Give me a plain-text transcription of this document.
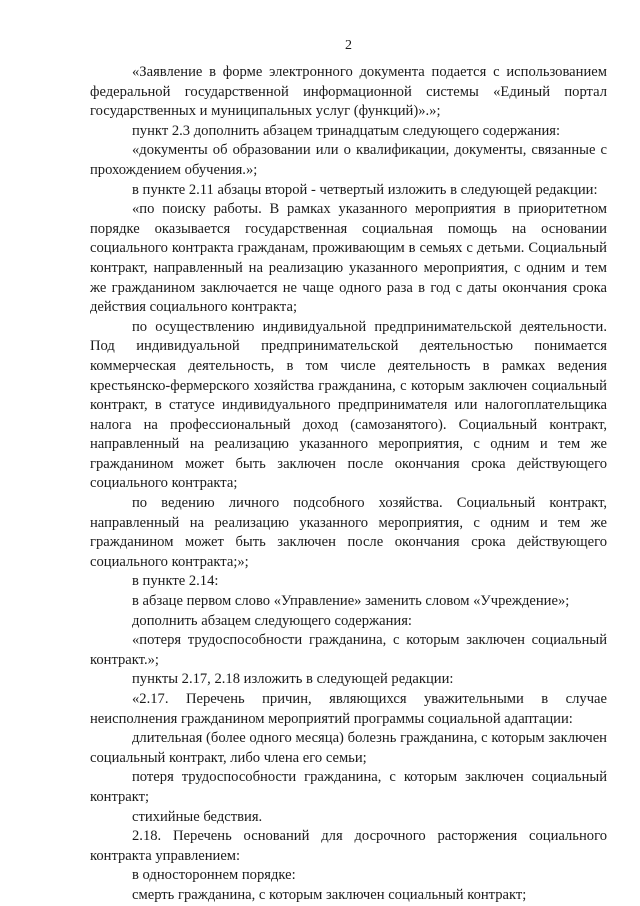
2

«Заявление в форме электронного документа подается с использованием федеральной государственной информационной системы «Единый портал государственных и муниципальных услуг (функций)».»;

пункт 2.3 дополнить абзацем тринадцатым следующего содержания:

«документы об образовании или о квалификации, документы, связанные с прохождением обучения.»;

в пункте 2.11 абзацы второй - четвертый изложить в следующей редакции:

«по поиску работы. В рамках указанного мероприятия в приоритетном порядке оказывается государственная социальная помощь на основании социального контракта гражданам, проживающим в семьях с детьми. Социальный контракт, направленный на реализацию указанного мероприятия, с одним и тем же гражданином заключается не чаще одного раза в год с даты окончания срока действия социального контракта;

по осуществлению индивидуальной предпринимательской деятельности. Под индивидуальной предпринимательской деятельностью понимается коммерческая деятельность, в том числе деятельность в рамках ведения крестьянско-фермерского хозяйства гражданина, с которым заключен социальный контракт, в статусе индивидуального предпринимателя или налогоплательщика налога на профессиональный доход (самозанятого). Социальный контракт, направленный на реализацию указанного мероприятия, с одним и тем же гражданином может быть заключен после окончания срока действующего социального контракта;

по ведению личного подсобного хозяйства. Социальный контракт, направленный на реализацию указанного мероприятия, с одним и тем же гражданином может быть заключен после окончания срока действующего социального контракта;»;

в пункте 2.14:

в абзаце первом слово «Управление» заменить словом «Учреждение»;

дополнить абзацем следующего содержания:

«потеря трудоспособности гражданина, с которым заключен социальный контракт.»;

пункты 2.17, 2.18 изложить в следующей редакции:

«2.17. Перечень причин, являющихся уважительными в случае неисполнения гражданином мероприятий программы социальной адаптации:

длительная (более одного месяца) болезнь гражданина, с которым заключен социальный контракт, либо члена его семьи;

потеря трудоспособности гражданина, с которым заключен социальный контракт;

стихийные бедствия.

2.18. Перечень оснований для досрочного расторжения социального контракта управлением:

в одностороннем порядке:

смерть гражданина, с которым заключен социальный контракт;
